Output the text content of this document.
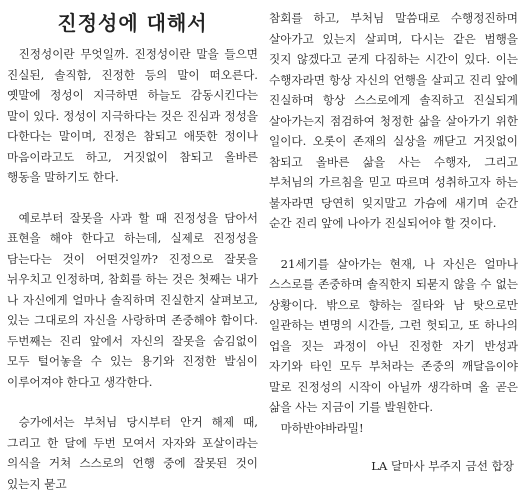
진정성에 대해서

진정성이란 무엇일까. 진정성이란 말을 들으면 진실된, 솔직함, 진정한 등의 말이 떠오른다. 옛말에 정성이 지극하면 하늘도 감동시킨다는 말이 있다. 정성이 지극하다는 것은 진심과 정성을 다한다는 말이며, 진정은 참되고 애뜻한 정이나 마음이라고도 하고, 거짓없이 참되고 올바른 행동을 말하기도 한다.

예로부터 잘못을 사과 할 때 진정성을 담아서 표현을 해야 한다고 하는데, 실제로 진정성을 담는다는 것이 어떤것일까? 진정으로 잘못을 뉘우치고 인정하며, 참회를 하는 것은 첫째는 내가 나 자신에게 얼마나 솔직하며 진실한지 살펴보고, 있는 그대로의 자신을 사랑하며 존중해야 함이다. 두번째는 진리 앞에서 자신의 잘못을 숨김없이 모두 털어놓을 수 있는 용기와 진정한 발심이 이루어져야 한다고 생각한다.

승가에서는 부처님 당시부터 안거 해제 때, 그리고 한 달에 두번 모여서 자자와 포살이라는 의식을 거쳐 스스로의 언행 중에 잘못된 것이 있는지 묻고

참회를 하고, 부처님 말씀대로 수행정진하며 살아가고 있는지 살피며, 다시는 같은 범행을 짓지 않겠다고 굳게 다짐하는 시간이 있다. 이는 수행자라면 항상 자신의 언행을 살피고 진리 앞에 진실하며 항상 스스로에게 솔직하고 진실되게 살아가는지 점검하여 청정한 삶을 살아가기 위한 일이다. 오롯이 존재의 실상을 깨닫고 거짓없이 참되고 올바른 삶을 사는 수행자, 그리고 부처님의 가르침을 믿고 따르며 성취하고자 하는 불자라면 당연히 잊지말고 가슴에 새기며 순간 순간 진리 앞에 나아가 진실되어야 할 것이다.

21세기를 살아가는 현재, 나 자신은 얼마나 스스로를 존중하며 솔직한지 되묻지 않을 수 없는 상황이다. 밖으로 향하는 질타와 남 탓으로만 일관하는 변명의 시간들, 그런 헛되고, 또 하나의 업을 짓는 과정이 아닌 진정한 자기 반성과 자기와 타인 모두 부처라는 존중의 깨달음이야 말로 진정성의 시작이 아닐까 생각하며 올 곧은 삶을 사는 지금이 기를 발원한다.

마하반야바라밀!

LA 달마사 부주지 금선 합장
